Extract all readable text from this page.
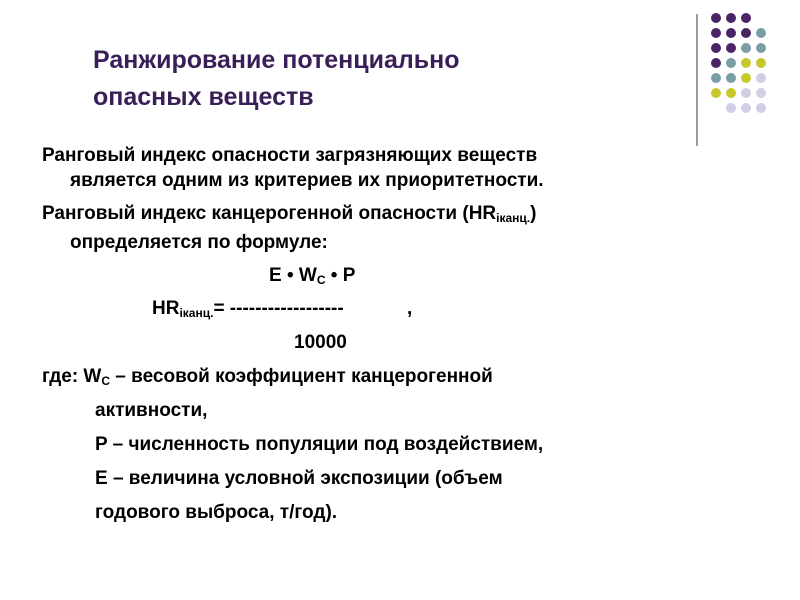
Ранжирование потенциально
опасных веществ
Ранговый индекс опасности загрязняющих веществ
является одним из критериев их приоритетности.
Ранговый индекс канцерогенной опасности $(HR_{iканц.})$
определяется по формуле:
E • $W_C$ • P
$HR_{iканц.}=$ ------------------	,
10000
где: $W_C$ – весовой коэффициент канцерогенной
активности,
P – численность популяции под воздействием,
E – величина условной экспозиции (объем
годового выброса, т/год).
